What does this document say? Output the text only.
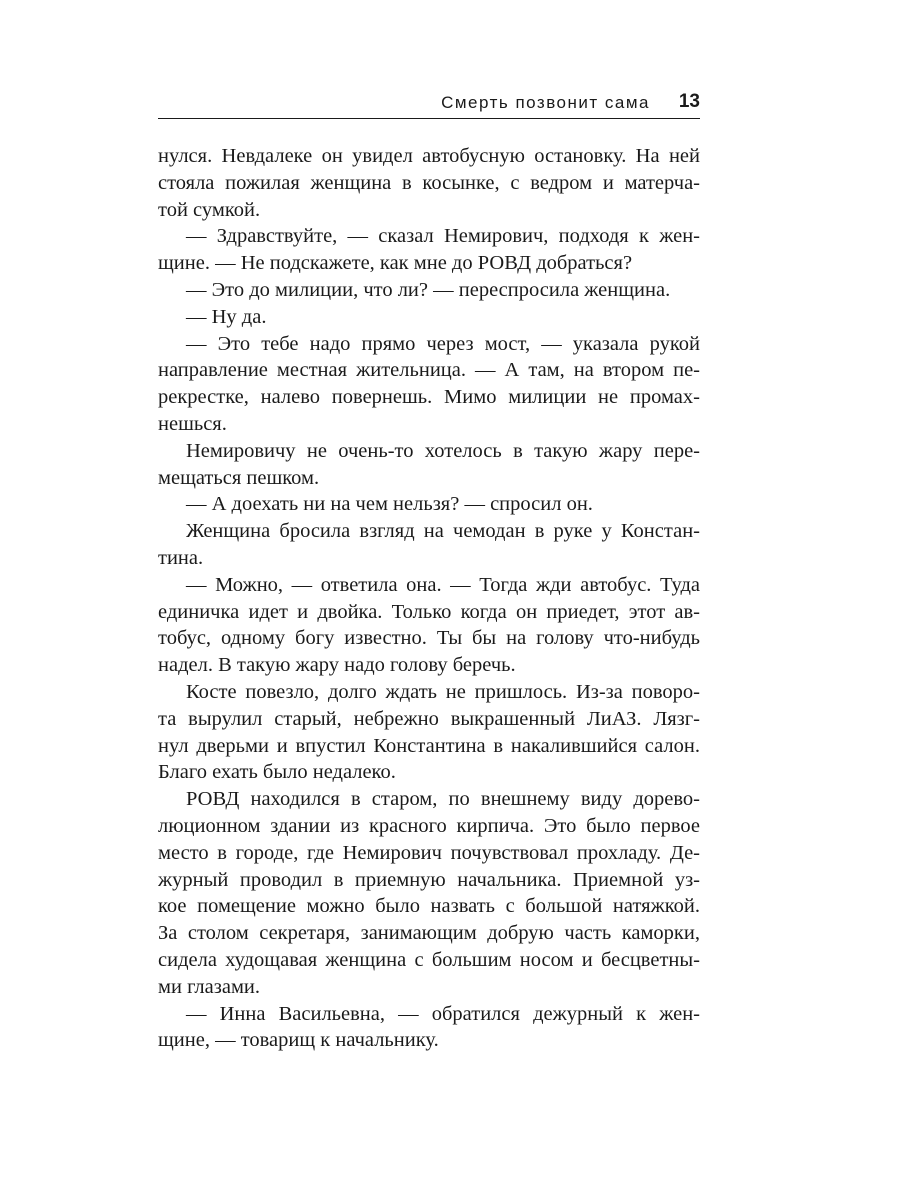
Смерть позвонит сама 13
нулся. Невдалеке он увидел автобусную остановку. На ней
стояла пожилая женщина в косынке, с ведром и матерча-
той сумкой.
— Здравствуйте, — сказал Немирович, подходя к жен-
щине. — Не подскажете, как мне до РОВД добраться?
— Это до милиции, что ли? — переспросила женщина.
— Ну да.
— Это тебе надо прямо через мост, — указала рукой
направление местная жительница. — А там, на втором пе-
рекрестке, налево повернешь. Мимо милиции не промах-
нешься.
Немировичу не очень-то хотелось в такую жару пере-
мещаться пешком.
— А доехать ни на чем нельзя? — спросил он.
Женщина бросила взгляд на чемодан в руке у Констан-
тина.
— Можно, — ответила она. — Тогда жди автобус. Туда
единичка идет и двойка. Только когда он приедет, этот ав-
тобус, одному богу известно. Ты бы на голову что-нибудь
надел. В такую жару надо голову беречь.
Косте повезло, долго ждать не пришлось. Из-за поворо-
та вырулил старый, небрежно выкрашенный ЛиАЗ. Лязг-
нул дверьми и впустил Константина в накалившийся салон.
Благо ехать было недалеко.
РОВД находился в старом, по внешнему виду дорево-
люционном здании из красного кирпича. Это было первое
место в городе, где Немирович почувствовал прохладу. Де-
журный проводил в приемную начальника. Приемной уз-
кое помещение можно было назвать с большой натяжкой.
За столом секретаря, занимающим добрую часть каморки,
сидела худощавая женщина с большим носом и бесцветны-
ми глазами.
— Инна Васильевна, — обратился дежурный к жен-
щине, — товарищ к начальнику.
